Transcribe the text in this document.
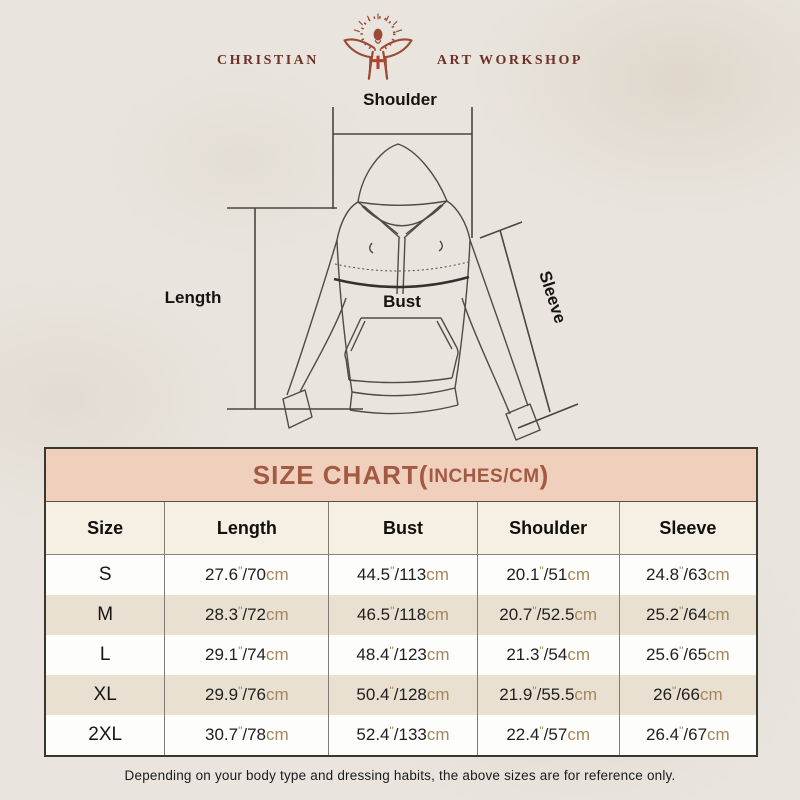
CHRISTIAN	ART WORKSHOP
Shoulder
Length	Bust	Sleeve
SIZE CHART( INCHES/CM )
Size	Length	Bust	Shoulder	Sleeve
S	27.6 " / 70 cm	44.5 " / 113 cm	20.1 " / 51 cm	24.8 " / 63 cm
M	28.3 " / 72 cm	46.5 " / 118 cm	20.7 " / 52.5 cm	25.2 " / 64 cm
L	29.1 " / 74 cm	48.4 " / 123 cm	21.3 " / 54 cm	25.6 " / 65 cm
XL	29.9 " / 76 cm	50.4 " / 128 cm	21.9 " / 55.5 cm	26 " / 66 cm
2XL	30.7 " / 78 cm	52.4 " / 133 cm	22.4 " / 57 cm	26.4 " / 67 cm
Depending on your body type and dressing habits, the above sizes are for reference only.
